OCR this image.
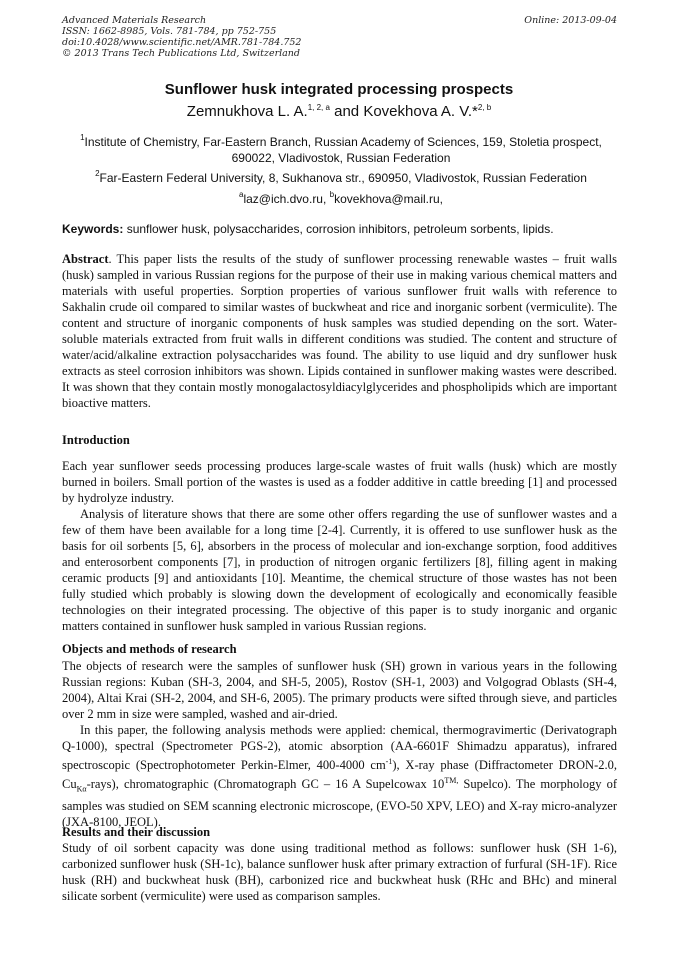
Advanced Materials Research
ISSN: 1662-8985, Vols. 781-784, pp 752-755
doi:10.4028/www.scientific.net/AMR.781-784.752
© 2013 Trans Tech Publications Ltd, Switzerland
Online: 2013-09-04
Sunflower husk integrated processing prospects
Zemnukhova L. A.$^{1, 2, a}$ and Kovekhova A. V.*$^{2, b}$
$^1$Institute of Chemistry, Far-Eastern Branch, Russian Academy of Sciences, 159, Stoletia prospect, 690022, Vladivostok, Russian Federation
$^2$Far-Eastern Federal University, 8, Sukhanova str., 690950, Vladivostok, Russian Federation
$^a$laz@ich.dvo.ru, $^b$kovekhova@mail.ru,
Keywords: sunflower husk, polysaccharides, corrosion inhibitors, petroleum sorbents, lipids.

Abstract. This paper lists the results of the study of sunflower processing renewable wastes – fruit walls (husk) sampled in various Russian regions for the purpose of their use in making various chemical matters and materials with useful properties. Sorption properties of various sunflower fruit walls with reference to Sakhalin crude oil compared to similar wastes of buckwheat and rice and inorganic sorbent (vermiculite). The content and structure of inorganic components of husk samples was studied depending on the sort. Water-soluble materials extracted from fruit walls in different conditions was studied. The content and structure of water/acid/alkaline extraction polysaccharides was found. The ability to use liquid and dry sunflower husk extracts as steel corrosion inhibitors was shown. Lipids contained in sunflower making wastes were described. It was shown that they contain mostly monogalactosyldiacylglycerides and phospholipids which are important bioactive matters.

Introduction

Each year sunflower seeds processing produces large-scale wastes of fruit walls (husk) which are mostly burned in boilers. Small portion of the wastes is used as a fodder additive in cattle breeding [1] and processed by hydrolyze industry.

Analysis of literature shows that there are some other offers regarding the use of sunflower wastes and a few of them have been available for a long time [2-4]. Currently, it is offered to use sunflower husk as the basis for oil sorbents [5, 6], absorbers in the process of molecular and ion-exchange sorption, food additives and enterosorbent components [7], in production of nitrogen organic fertilizers [8], filling agent in making ceramic products [9] and antioxidants [10]. Meantime, the chemical structure of those wastes has not been fully studied which probably is slowing down the development of ecologically and economically feasible technologies on their integrated processing. The objective of this paper is to study inorganic and organic matters contained in sunflower husk sampled in various Russian regions.

Objects and methods of research

The objects of research were the samples of sunflower husk (SH) grown in various years in the following Russian regions: Kuban (SH-3, 2004, and SH-5, 2005), Rostov (SH-1, 2003) and Volgograd Oblasts (SH-4, 2004), Altai Krai (SH-2, 2004, and SH-6, 2005). The primary products were sifted through sieve, and particles over 2 mm in size were sampled, washed and air-dried.

In this paper, the following analysis methods were applied: chemical, thermogravimertic (Derivatograph Q-1000), spectral (Spectrometer PGS-2), atomic absorption (AA-6601F Shimadzu apparatus), infrared spectroscopic (Spectrophotometer Perkin-Elmer, 400-4000 $cm^{-1}$), X-ray phase (Diffractometer DRON-2.0, $Cu_{K\alpha}-rays$), chromatographic (Chromatograph GC – 16 A Supelcowax $10^{TM,}$ Supelco). The morphology of samples was studied on SEM scanning electronic microscope, (EVO-50 XPV, LEO) and X-ray micro-analyzer (JXA-8100, JEOL).

Results and their discussion

Study of oil sorbent capacity was done using traditional method as follows: sunflower husk (SH 1-6), carbonized sunflower husk (SH-1c), balance sunflower husk after primary extraction of furfural (SH-1F). Rice husk (RH) and buckwheat husk (BH), carbonized rice and buckwheat husk (RHc and BHc) and mineral silicate sorbent (vermiculite) were used as comparison samples.
